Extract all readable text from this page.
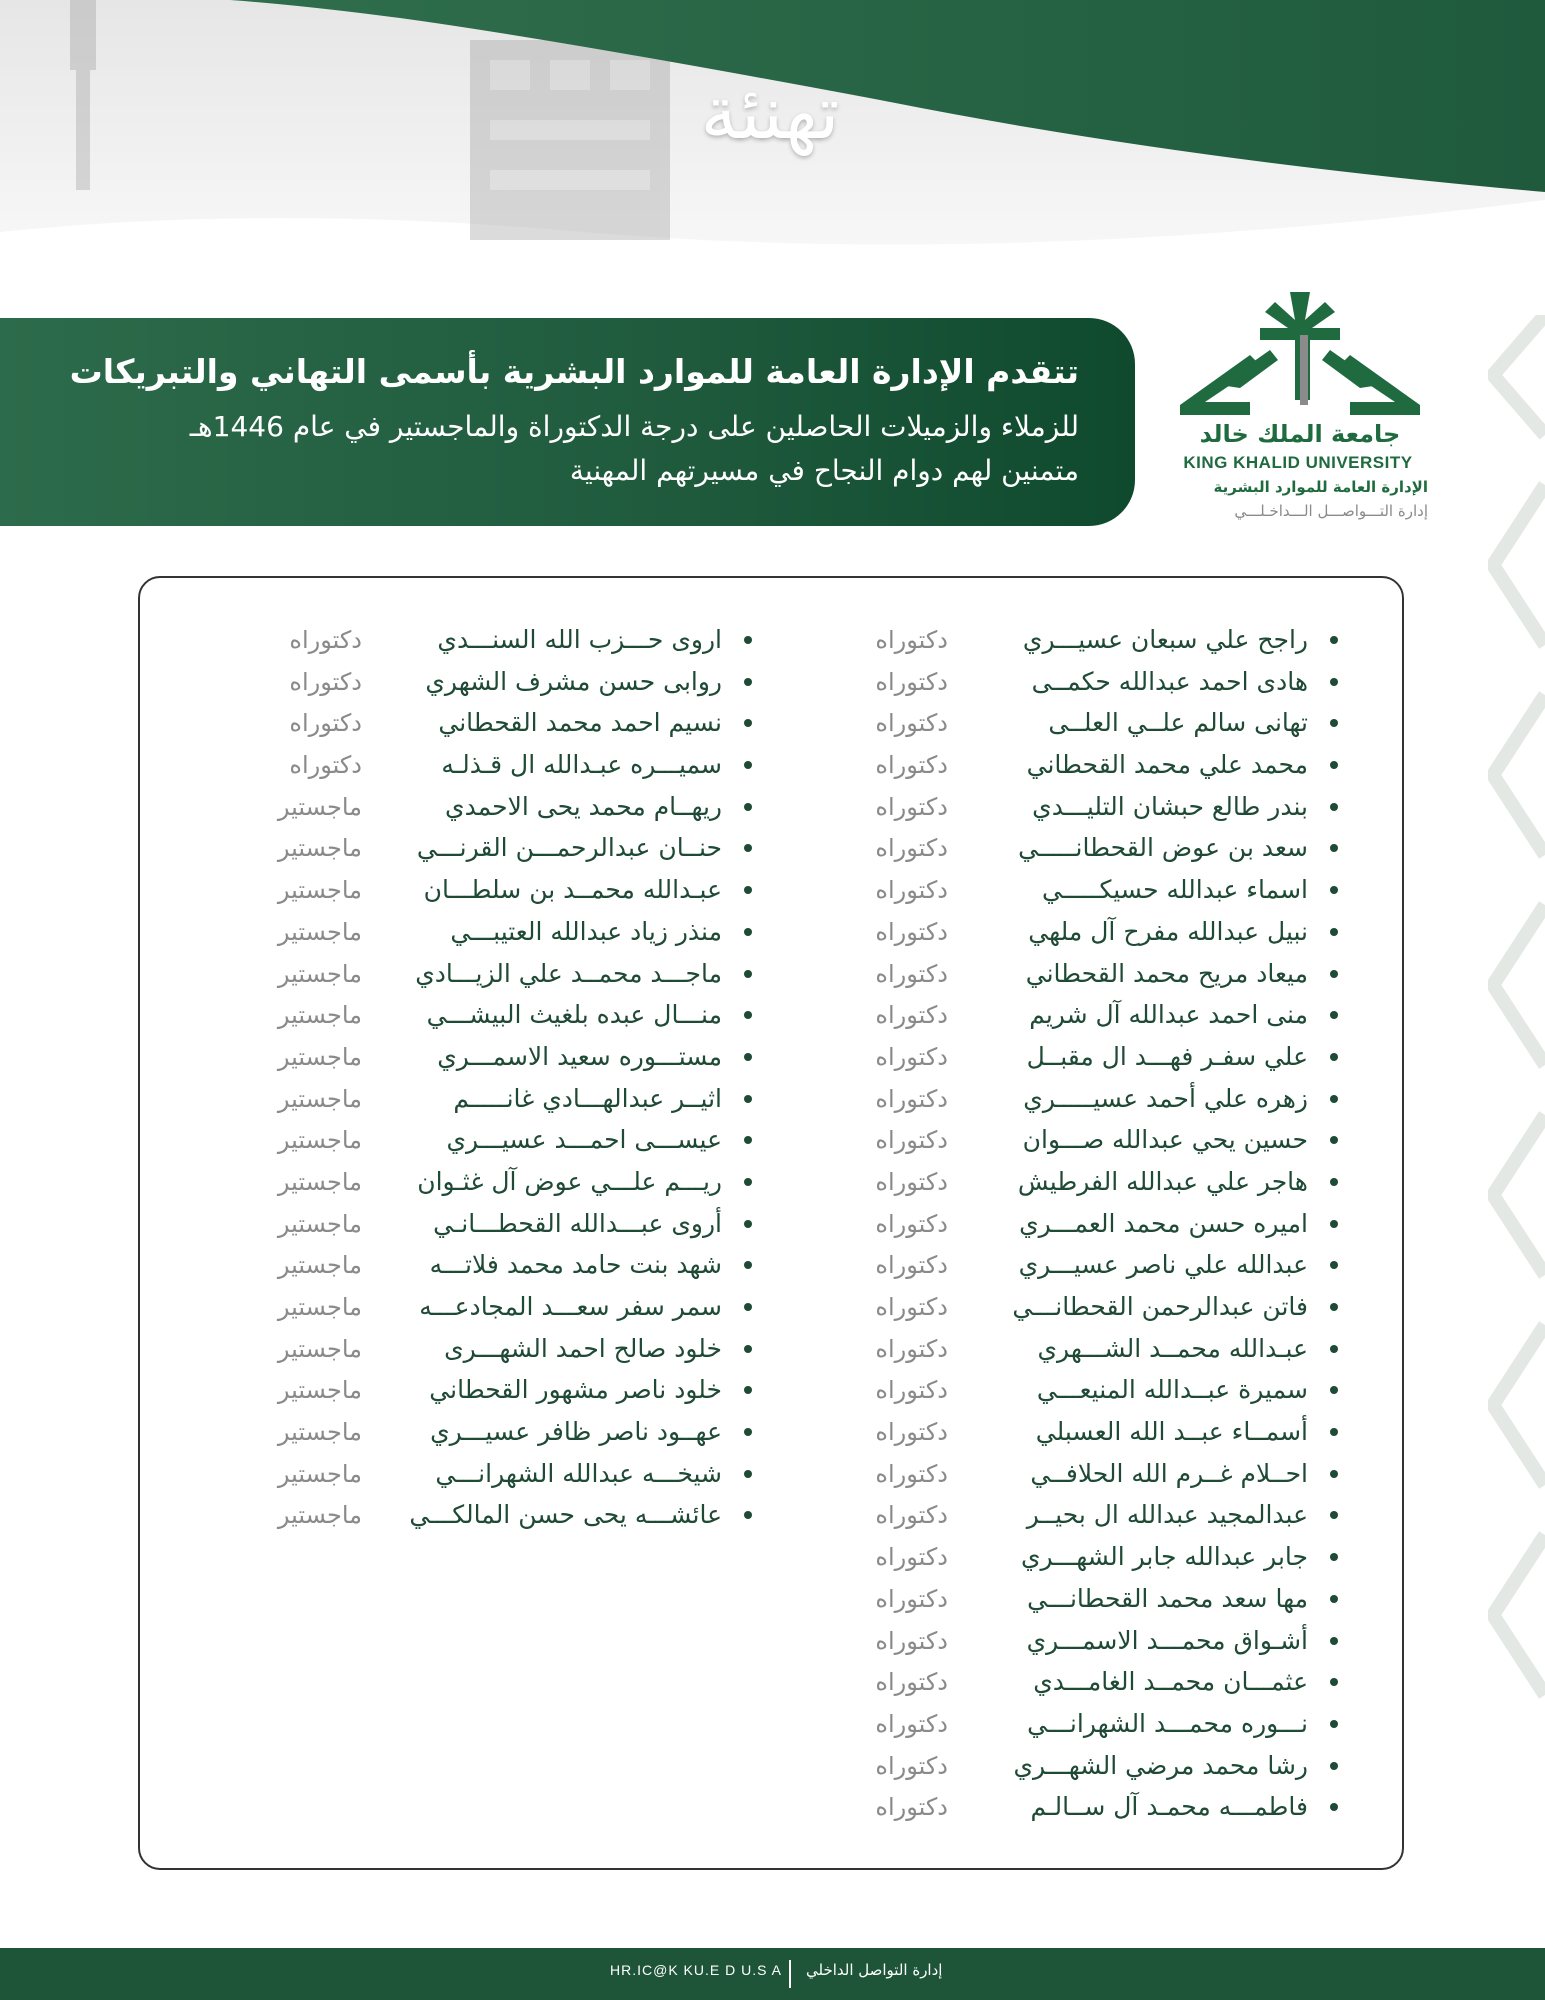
تهنئة
تتقدم الإدارة العامة للموارد البشرية بأسمى التهاني والتبريكات
للزملاء والزميلات الحاصلين على درجة الدكتوراة والماجستير في عام 1446هـ
متمنين لهم دوام النجاح في مسيرتهم المهنية
جامعة الملك خالد
KING KHALID UNIVERSITY
الإدارة العامة للموارد البشرية
إدارة التـــواصـــل الـــداخـلـــي
راجح علي سبعان عسيـــري
دكتوراه
هادى احمد عبدالله حكمــى
دكتوراه
تهانى سالم علــي العلــى
دكتوراه
محمد علي محمد القحطاني
دكتوراه
بندر طالع حبشان التليـــدي
دكتوراه
سعد بن عوض القحطانـــــي
دكتوراه
اسماء عبدالله حسيكـــــي
دكتوراه
نبيل عبدالله مفرح آل ملهي
دكتوراه
ميعاد مريح محمد القحطاني
دكتوراه
منى احمد عبدالله آل شريم
دكتوراه
علي سفـر فهـــد ال مقبــل
دكتوراه
زهره علي أحمد عسيـــــري
دكتوراه
حسين يحي عبدالله صـــوان
دكتوراه
هاجر علي عبدالله الفرطيش
دكتوراه
اميره حسن محمد العمـــري
دكتوراه
عبدالله علي ناصر عسيـــري
دكتوراه
فاتن عبدالرحمن القحطانـــي
دكتوراه
عبـدالله محمــد الشـــهري
دكتوراه
سميرة عبــدالله المنيعـــي
دكتوراه
أسمــاء عبــد الله العسبلي
دكتوراه
احــلام غــرم الله الحلافــي
دكتوراه
عبدالمجيد عبدالله ال بحيــر
دكتوراه
جابر عبدالله جابر الشهـــري
دكتوراه
مها سعد محمد القحطانـــي
دكتوراه
أشـواق محمـــد الاسمـــري
دكتوراه
عثمـــان محمــد الغامـــدي
دكتوراه
نـــوره محمـــد الشهرانـــي
دكتوراه
رشا محمد مرضي الشهـــري
دكتوراه
فاطمـــه محمـد آل ســالـم
دكتوراه
اروى حـــزب الله السنـــدي
دكتوراه
روابى حسن مشرف الشهري
دكتوراه
نسيم احمد محمد القحطاني
دكتوراه
سميـــره عبـدالله ال قـذلـه
دكتوراه
ريهــام محمد يحى الاحمدي
ماجستير
حنــان عبدالرحمـــن القرنـــي
ماجستير
عبـدالله محمــد بن سلطـــان
ماجستير
منذر زياد عبدالله العتيبـــي
ماجستير
ماجـــد محمــد علي الزيـــادي
ماجستير
منـــال عبده بلغيث البيشـــي
ماجستير
مستـــوره سعيد الاسمـــري
ماجستير
اثيــر عبدالهـــادي غانـــــم
ماجستير
عيســـى احمـــد عسيـــري
ماجستير
ريـــم علـــي عوض آل غثـوان
ماجستير
أروى عبـــدالله القحطـــانـي
ماجستير
شهد بنت حامد محمد فلاتـــه
ماجستير
سمر سفر سعـــد المجادعـــه
ماجستير
خلود صالح احمد الشهـــرى
ماجستير
خلود ناصر مشهور القحطاني
ماجستير
عهــود ناصر ظافر عسيـــري
ماجستير
شيخـــه عبدالله الشهرانـــي
ماجستير
عائشـــه يحى حسن المالكـــي
ماجستير
HR.IC@K KU.E D U.S A إدارة التواصل الداخلي
